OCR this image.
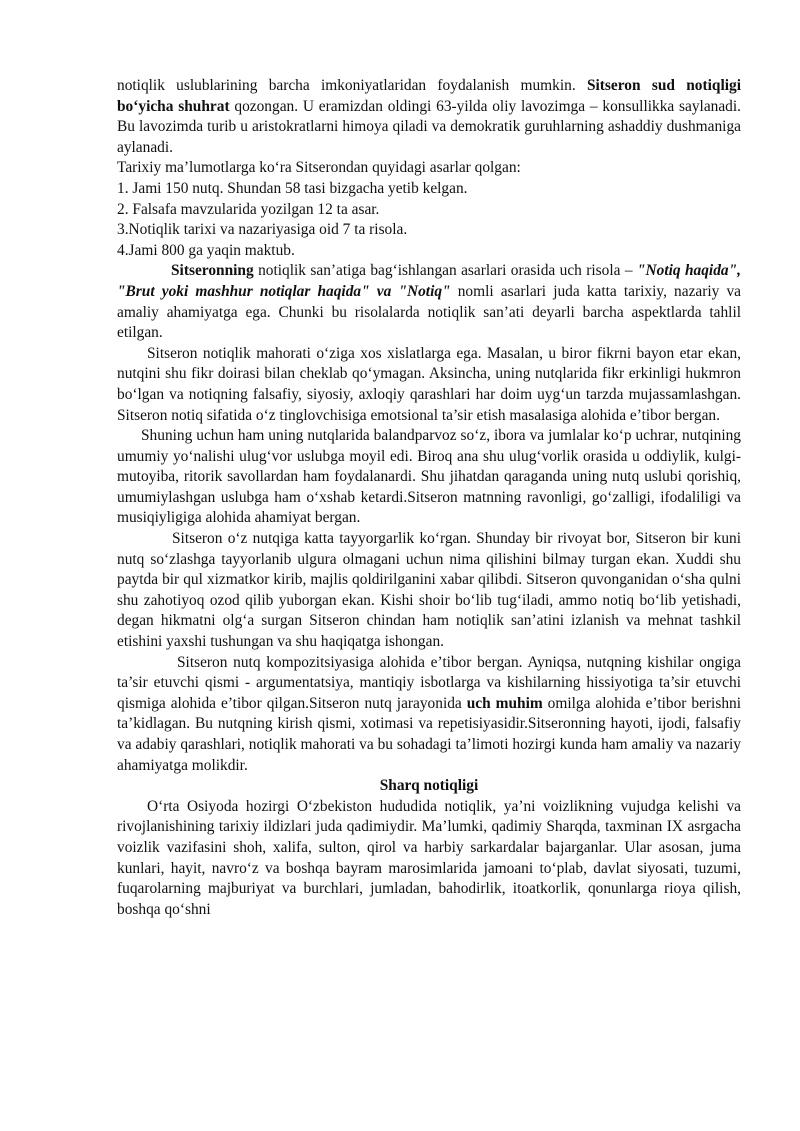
notiqlik uslublarining barcha imkoniyatlaridan foydalanish mumkin. Sitseron sud notiqligi bo‘yicha shuhrat qozongan. U eramizdan oldingi 63-yilda oliy lavozimga – konsullikka saylanadi. Bu lavozimda turib u aristokratlarni himoya qiladi va demokratik guruhlarning ashaddiy dushmaniga aylanadi.

Tarixiy ma’lumotlarga ko‘ra Sitserondan quyidagi asarlar qolgan:

1. Jami 150 nutq. Shundan 58 tasi bizgacha yetib kelgan.

2. Falsafa mavzularida yozilgan 12 ta asar.

3.Notiqlik tarixi va nazariyasiga oid 7 ta risola.

4.Jami 800 ga yaqin maktub.

Sitseronning notiqlik san’atiga bag‘ishlangan asarlari orasida uch risola – "Notiq haqida", "Brut yoki mashhur notiqlar haqida" va "Notiq" nomli asarlari juda katta tarixiy, nazariy va amaliy ahamiyatga ega. Chunki bu risolalarda notiqlik san’ati deyarli barcha aspektlarda tahlil etilgan.

Sitseron notiqlik mahorati o‘ziga xos xislatlarga ega. Masalan, u biror fikrni bayon etar ekan, nutqini shu fikr doirasi bilan cheklab qo‘ymagan. Aksincha, uning nutqlarida fikr erkinligi hukmron bo‘lgan va notiqning falsafiy, siyosiy, axloqiy qarashlari har doim uyg‘un tarzda mujassamlashgan. Sitseron notiq sifatida o‘z tinglovchisiga emotsional ta’sir etish masalasiga alohida e’tibor bergan.

Shuning uchun ham uning nutqlarida balandparvoz so‘z, ibora va jumlalar ko‘p uchrar, nutqining umumiy yo‘nalishi ulug‘vor uslubga moyil edi. Biroq ana shu ulug‘vorlik orasida u oddiylik, kulgi-mutoyiba, ritorik savollardan ham foydalanardi. Shu jihatdan qaraganda uning nutq uslubi qorishiq, umumiylashgan uslubga ham o‘xshab ketardi.Sitseron matnning ravonligi, go‘zalligi, ifodaliligi va musiqiyligiga alohida ahamiyat bergan.

Sitseron o‘z nutqiga katta tayyorgarlik ko‘rgan. Shunday bir rivoyat bor, Sitseron bir kuni nutq so‘zlashga tayyorlanib ulgura olmagani uchun nima qilishini bilmay turgan ekan. Xuddi shu paytda bir qul xizmatkor kirib, majlis qoldirilganini xabar qilibdi. Sitseron quvonganidan o‘sha qulni shu zahotiyoq ozod qilib yuborgan ekan. Kishi shoir bo‘lib tug‘iladi, ammo notiq bo‘lib yetishadi, degan hikmatni olg‘a surgan Sitseron chindan ham notiqlik san’atini izlanish va mehnat tashkil etishini yaxshi tushungan va shu haqiqatga ishongan.

Sitseron nutq kompozitsiyasiga alohida e’tibor bergan. Ayniqsa, nutqning kishilar ongiga ta’sir etuvchi qismi - argumentatsiya, mantiqiy isbotlarga va kishilarning hissiyotiga ta’sir etuvchi qismiga alohida e’tibor qilgan.Sitseron nutq jarayonida uch muhim omilga alohida e’tibor berishni ta’kidlagan. Bu nutqning kirish qismi, xotimasi va repetisiyasidir.Sitseronning hayoti, ijodi, falsafiy va adabiy qarashlari, notiqlik mahorati va bu sohadagi ta’limoti hozirgi kunda ham amaliy va nazariy ahamiyatga molikdir.

Sharq notiqligi

O‘rta Osiyoda hozirgi O‘zbekiston hududida notiqlik, ya’ni voizlikning vujudga kelishi va rivojlanishining tarixiy ildizlari juda qadimiydir. Ma’lumki, qadimiy Sharqda, taxminan IX asrgacha voizlik vazifasini shoh, xalifa, sulton, qirol va harbiy sarkardalar bajarganlar. Ular asosan, juma kunlari, hayit, navro‘z va boshqa bayram marosimlarida jamoani to‘plab, davlat siyosati, tuzumi, fuqarolarning majburiyat va burchlari, jumladan, bahodirlik, itoatkorlik, qonunlarga rioya qilish, boshqa qo‘shni
